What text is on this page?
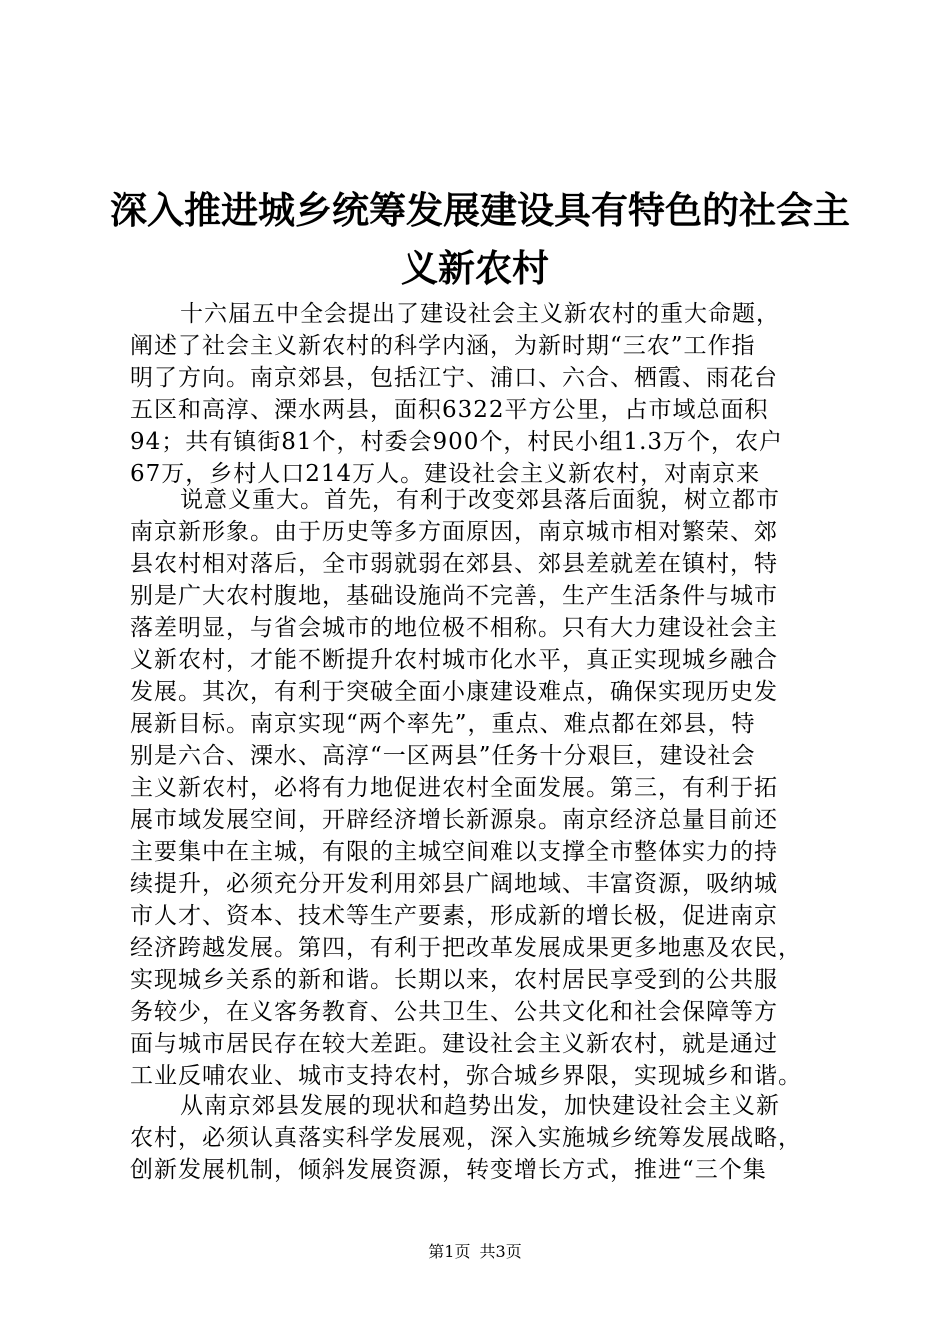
深入推进城乡统筹发展建设具有特色的社会主
义新农村
十六届五中全会提出了建设社会主义新农村的重大命题，
阐述了社会主义新农村的科学内涵，为新时期“三农”工作指
明了方向。南京郊县，包括江宁、浦口、六合、栖霞、雨花台
五区和高淳、溧水两县，面积6322平方公里，占市域总面积
94；共有镇街81个，村委会900个，村民小组1.3万个，农户
67万，乡村人口214万人。建设社会主义新农村，对南京来
说意义重大。首先，有利于改变郊县落后面貌，树立都市
南京新形象。由于历史等多方面原因，南京城市相对繁荣、郊
县农村相对落后，全市弱就弱在郊县、郊县差就差在镇村，特
别是广大农村腹地，基础设施尚不完善，生产生活条件与城市
落差明显，与省会城市的地位极不相称。只有大力建设社会主
义新农村，才能不断提升农村城市化水平，真正实现城乡融合
发展。其次，有利于突破全面小康建设难点，确保实现历史发
展新目标。南京实现“两个率先”，重点、难点都在郊县，特
别是六合、溧水、高淳“一区两县”任务十分艰巨，建设社会
主义新农村，必将有力地促进农村全面发展。第三，有利于拓
展市域发展空间，开辟经济增长新源泉。南京经济总量目前还
主要集中在主城，有限的主城空间难以支撑全市整体实力的持
续提升，必须充分开发利用郊县广阔地域、丰富资源，吸纳城
市人才、资本、技术等生产要素，形成新的增长极，促进南京
经济跨越发展。第四，有利于把改革发展成果更多地惠及农民，
实现城乡关系的新和谐。长期以来，农村居民享受到的公共服
务较少，在义客务教育、公共卫生、公共文化和社会保障等方
面与城市居民存在较大差距。建设社会主义新农村，就是通过
工业反哺农业、城市支持农村，弥合城乡界限，实现城乡和谐。
从南京郊县发展的现状和趋势出发，加快建设社会主义新
农村，必须认真落实科学发展观，深入实施城乡统筹发展战略，
创新发展机制，倾斜发展资源，转变增长方式，推进“三个集
第1页 共3页
